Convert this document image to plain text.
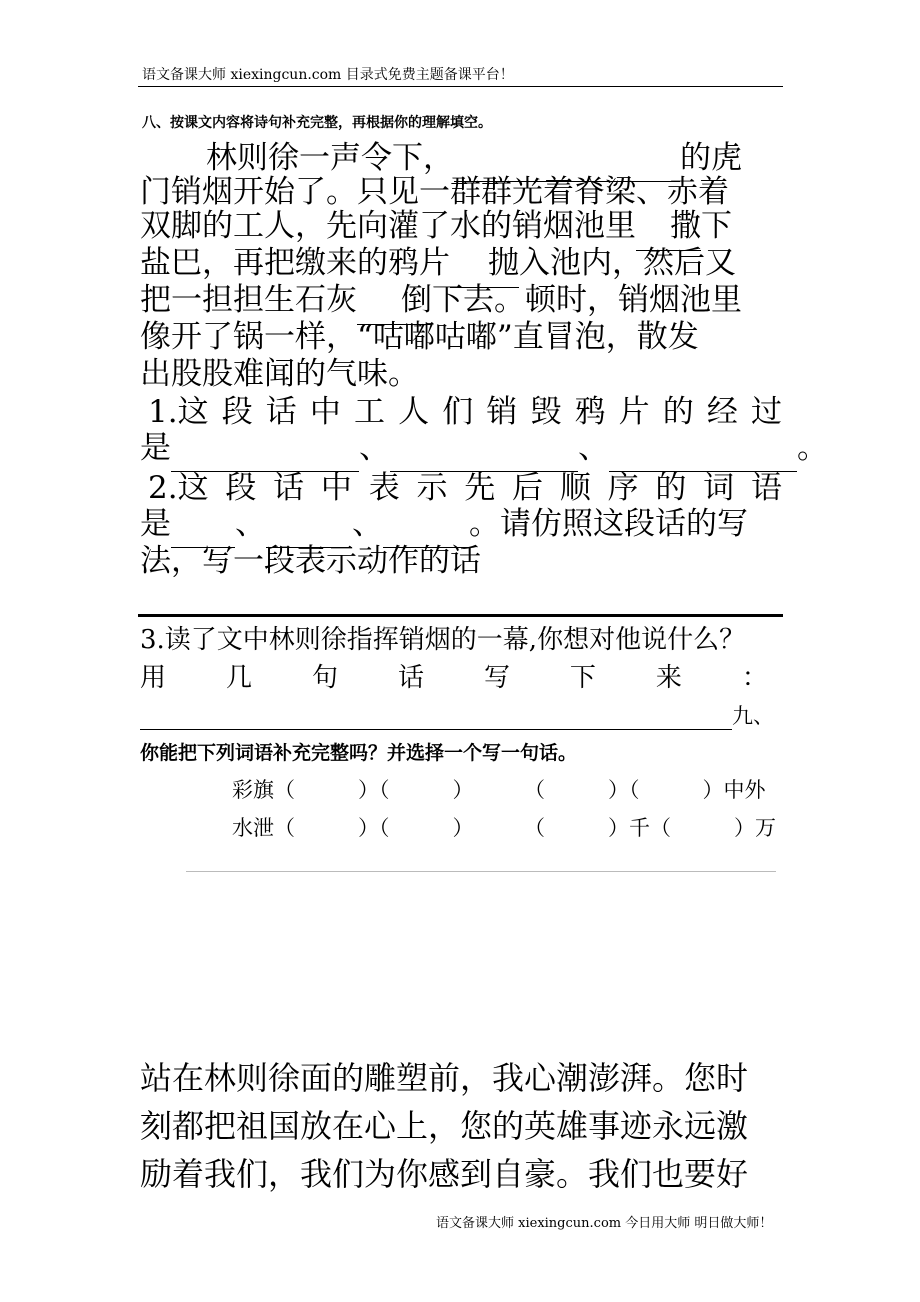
语文备课大师 xiexingcun.com 目录式免费主题备课平台！
八、按课文内容将诗句补充完整，再根据你的理解填空。
林则徐一声令下，	的虎
门销烟开始了。只见一群群光着脊梁、赤着
双脚的工人，先向灌了水的销烟池里 撒下
盐巴，再把缴来的鸦片 抛入池内，然后又
把一担担生石灰 倒下去。顿时，销烟池里
像开了锅一样，“咕嘟咕嘟”直冒泡，散发
出股股难闻的气味。
1.这 段 话 中 工 人 们 销 毁 鸦 片 的 经 过
是	、	、	。
2.这 段 话 中 表 示 先 后 顺 序 的 词 语
是 、	、	。请仿照这段话的写
法，写一段表示动作的话
3.读了文中林则徐指挥销烟的一幕,你想对他说什么？
用 几 句 话 写 下 来 ：
九、
你能把下列词语补充完整吗？并选择一个写一句话。
彩旗（　　　）（　　　） （　　　）（　　　）中外
水泄（　　　）（　　　） （　　　）千（　　　）万
站在林则徐面的雕塑前，我心潮澎湃。您时
刻都把祖国放在心上，您的英雄事迹永远激
励着我们，我们为你感到自豪。我们也要好
语文备课大师 xiexingcun.com 今日用大师 明日做大师！
